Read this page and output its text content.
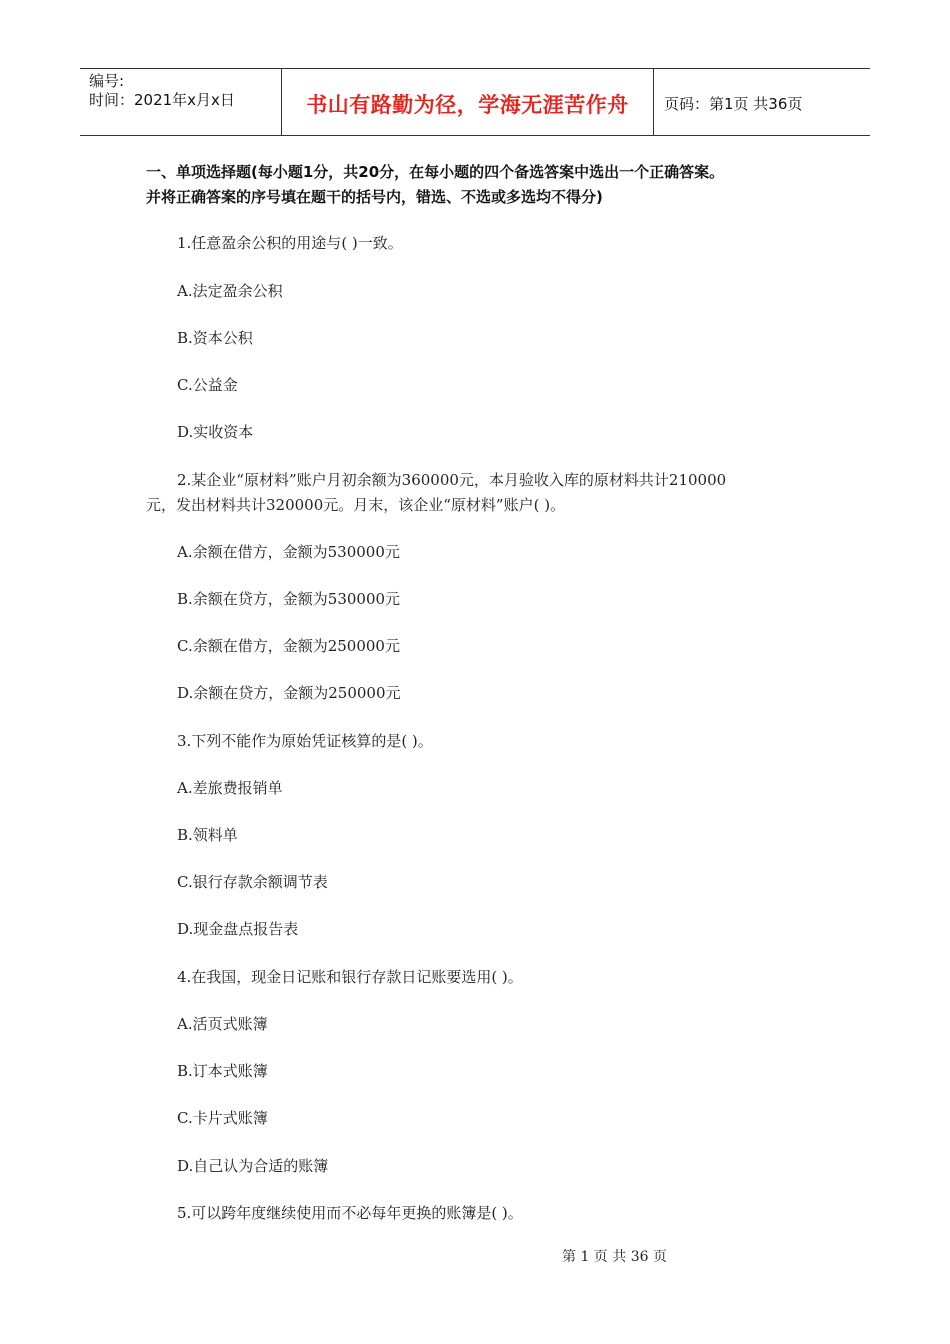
编号:
时间：2021年x月x日	书山有路勤为径，学海无涯苦作舟 页码：第1页 共36页
一、单项选择题(每小题1分，共20分，在每小题的四个备选答案中选出一个正确答案。
并将正确答案的序号填在题干的括号内，错选、不选或多选均不得分)
1.任意盈余公积的用途与( )一致。
A.法定盈余公积
B.资本公积
C.公益金
D.实收资本
2.某企业“原材料”账户月初余额为360000元，本月验收入库的原材料共计210000
元，发出材料共计320000元。月末，该企业“原材料”账户( )。
A.余额在借方，金额为530000元
B.余额在贷方，金额为530000元
C.余额在借方，金额为250000元
D.余额在贷方，金额为250000元
3.下列不能作为原始凭证核算的是( )。
A.差旅费报销单
B.领料单
C.银行存款余额调节表
D.现金盘点报告表
4.在我国，现金日记账和银行存款日记账要选用( )。
A.活页式账簿
B.订本式账簿
C.卡片式账簿
D.自己认为合适的账簿
5.可以跨年度继续使用而不必每年更换的账簿是( )。
第 1 页 共 36 页
